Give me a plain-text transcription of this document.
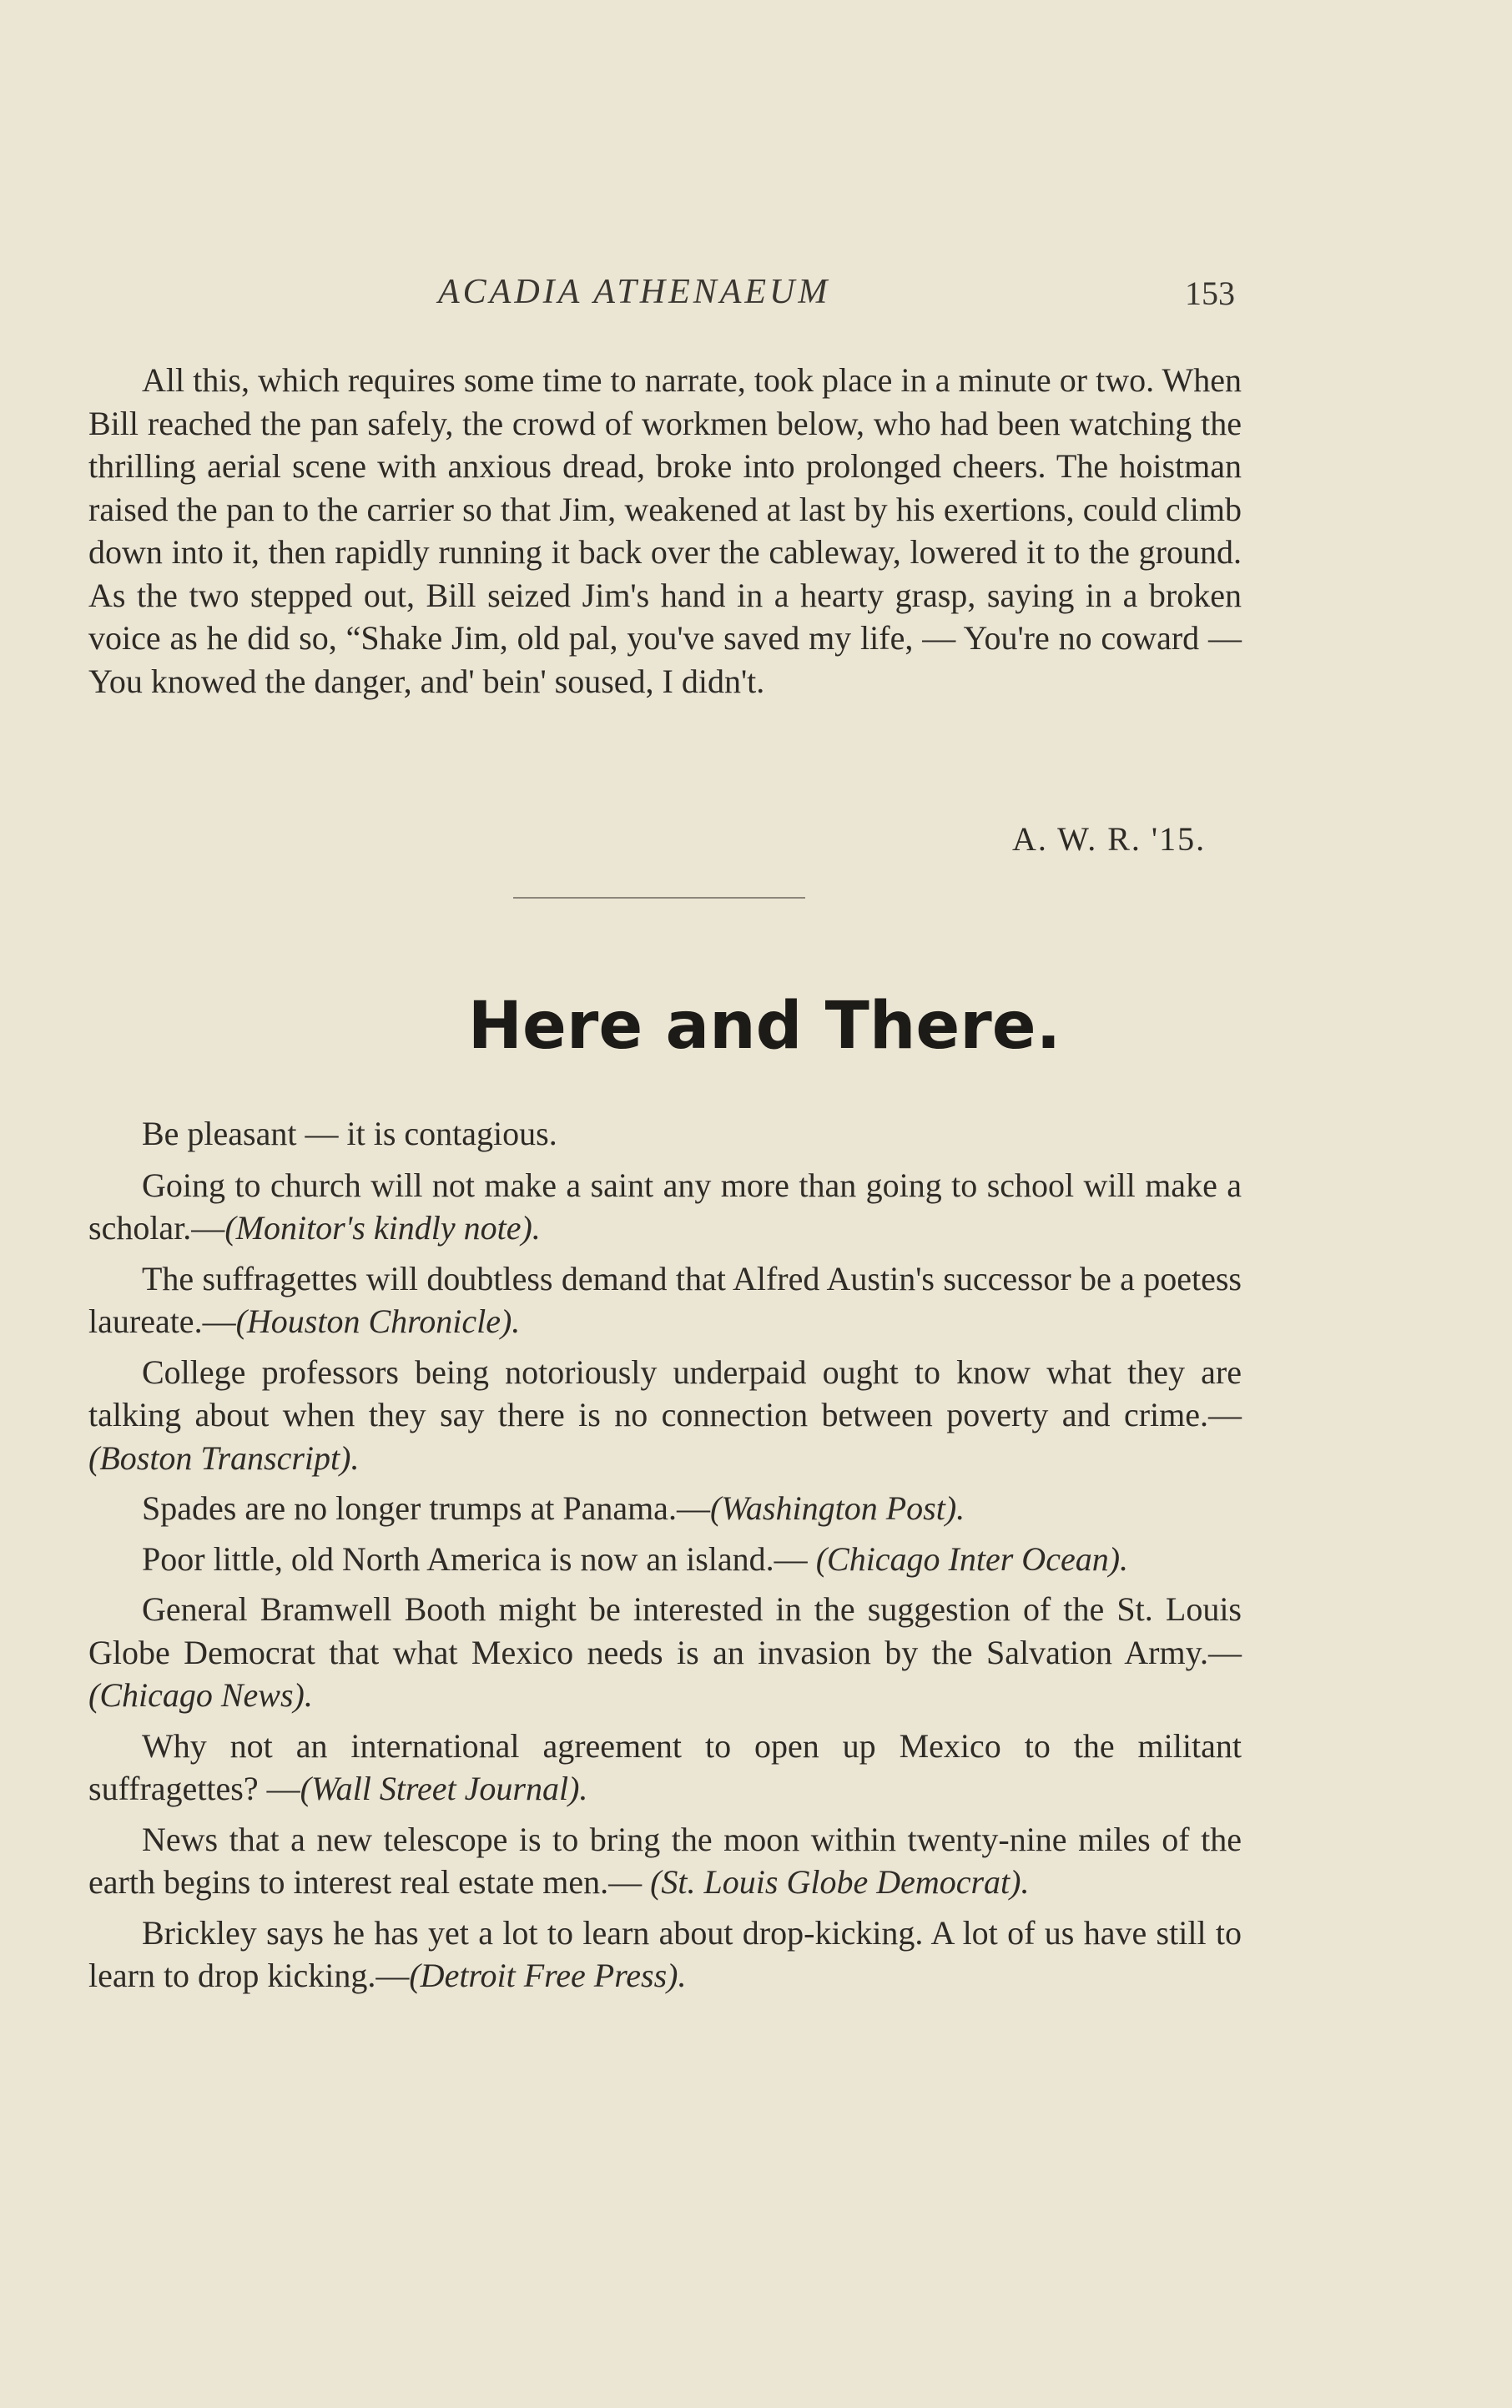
ACADIA ATHENAEUM	153

All this, which requires some time to narrate, took place in a minute or two. When Bill reached the pan safely, the crowd of workmen below, who had been watching the thrilling aerial scene with anxious dread, broke into prolonged cheers. The hoistman raised the pan to the carrier so that Jim, weakened at last by his exertions, could climb down into it, then rapidly running it back over the cableway, lowered it to the ground. As the two stepped out, Bill seized Jim's hand in a hearty grasp, saying in a broken voice as he did so, “Shake Jim, old pal, you've saved my life, — You're no coward — You knowed the danger, and' bein' soused, I didn't.

A. W. R. '15.
Here and There.

Be pleasant — it is contagious.

Going to church will not make a saint any more than going to school will make a scholar.—(Monitor's kindly note).

The suffragettes will doubtless demand that Alfred Austin's successor be a poetess laureate.—(Houston Chronicle).

College professors being notoriously underpaid ought to know what they are talking about when they say there is no connection between poverty and crime.—(Boston Transcript).

Spades are no longer trumps at Panama.—(Washington Post).

Poor little, old North America is now an island.— (Chicago Inter Ocean).

General Bramwell Booth might be interested in the suggestion of the St. Louis Globe Democrat that what Mexico needs is an invasion by the Salvation Army.—(Chicago News).

Why not an international agreement to open up Mexico to the militant suffragettes? —(Wall Street Journal).

News that a new telescope is to bring the moon within twenty-nine miles of the earth begins to interest real estate men.— (St. Louis Globe Democrat).

Brickley says he has yet a lot to learn about drop-kicking. A lot of us have still to learn to drop kicking.—(Detroit Free Press).
